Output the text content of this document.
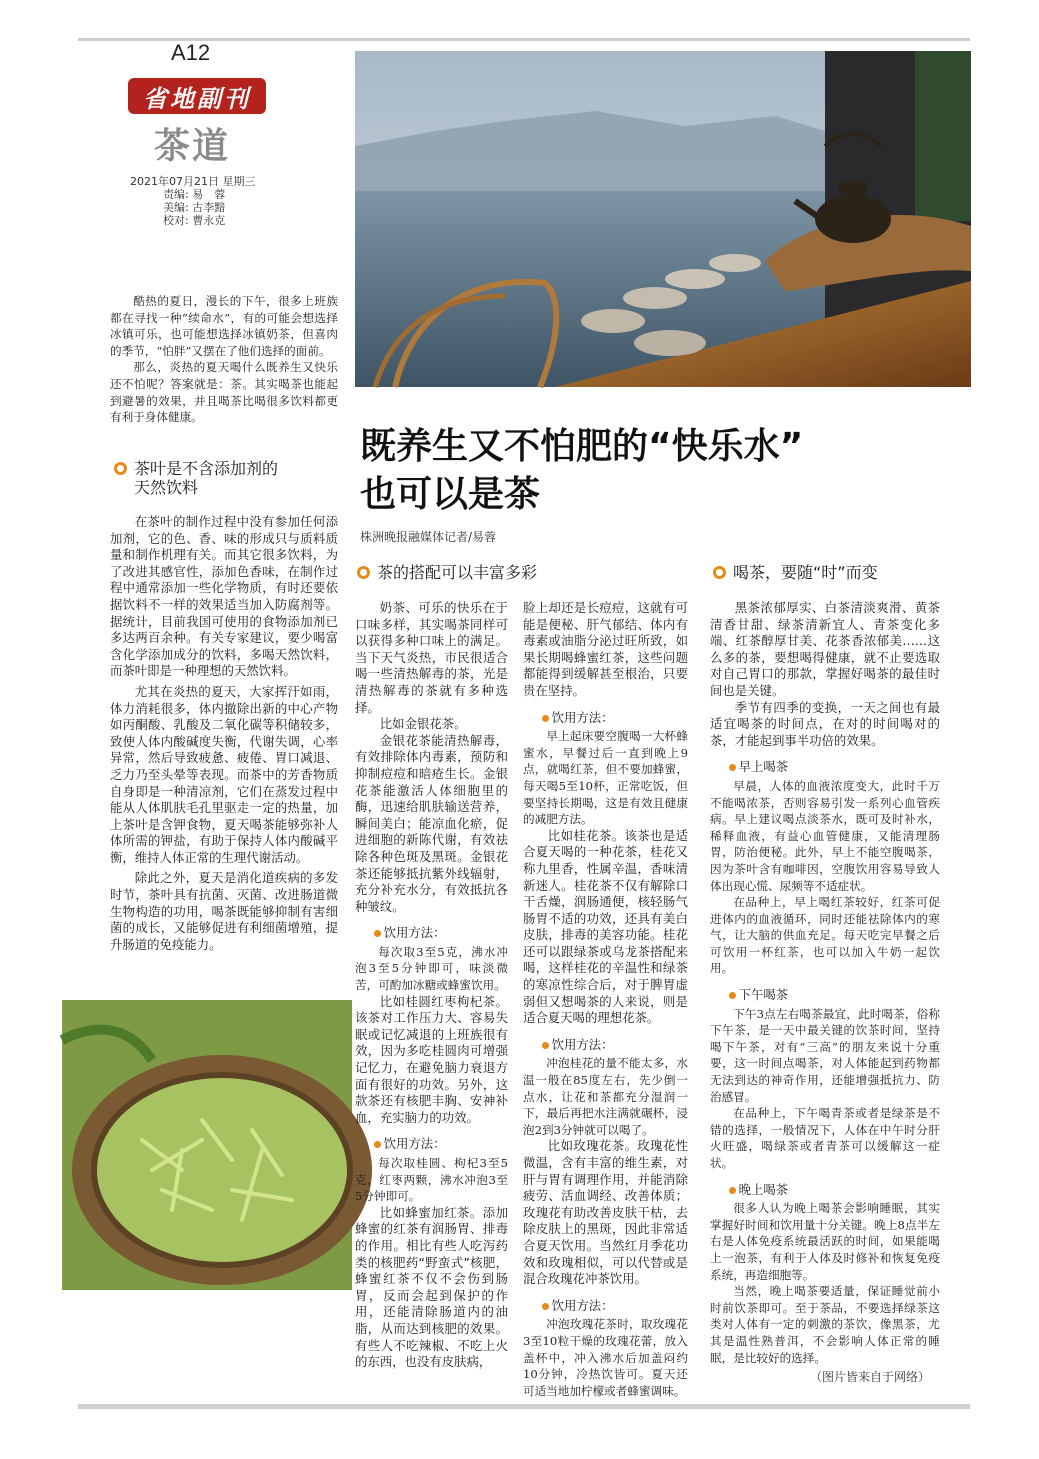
A12
省地副刊
茶道
2021年07月21日 星期三
责编: 易　蓉
美编: 古李黯
校对: 曹永克

酷热的夏日，漫长的下午，很多上班族都在寻找一种“续命水”，有的可能会想选择冰镇可乐，也可能想选择冰镇奶茶，但喜肉的季节，“怕胖”又摆在了他们选择的面前。

那么，炎热的夏天喝什么既养生又快乐还不怕呢？答案就是：茶。其实喝茶也能起到避暑的效果，并且喝茶比喝很多饮料都更有利于身体健康。

既养生又不怕肥的“快乐水”
也可以是茶
株洲晚报融媒体记者/易蓉
茶叶是不含添加剂的
天然饮料

在茶叶的制作过程中没有参加任何添加剂，它的色、香、味的形成只与质料质量和制作机理有关。而其它很多饮料，为了改进其感官性，添加色香味，在制作过程中通常添加一些化学物质，有时还要依据饮料不一样的效果适当加入防腐剂等。据统计，目前我国可使用的食物添加剂已多达两百余种。有关专家建议，要少喝富含化学添加成分的饮料，多喝天然饮料，而茶叶即是一种理想的天然饮料。

尤其在炎热的夏天，大家挥汗如雨，体力消耗很多，体内撤除出新的中心产物如丙酮酸、乳酸及二氧化碳等积储较多，致使人体内酸碱度失衡，代谢失调，心率异常，然后导致疲惫、疲倦、胃口减退、乏力乃至头晕等表现。而茶中的芳香物质自身即是一种清凉剂，它们在蒸发过程中能从人体肌肤毛孔里驱走一定的热量，加上茶叶是含钾食物，夏天喝茶能够弥补人体所需的钾盐，有助于保持人体内酸碱平衡，维持人体正常的生理代谢活动。

除此之外，夏天是消化道疾病的多发时节，茶叶具有抗菌、灭菌、改进肠道微生物构造的功用，喝茶既能够抑制有害细菌的成长，又能够促进有利细菌增殖，提升肠道的免疫能力。

茶的搭配可以丰富多彩

奶茶、可乐的快乐在于口味多样，其实喝茶同样可以获得多种口味上的满足。当下天气炎热，市民很适合喝一些清热解毒的茶，光是清热解毒的茶就有多种选择。

比如金银花茶。

金银花茶能清热解毒，有效排除体内毒素，预防和抑制痘痘和暗疮生长。金银花茶能激活人体细胞里的酶，迅速给肌肤输送营养，瞬间美白；能凉血化瘀，促进细胞的新陈代谢，有效祛除各种色斑及黑斑。金银花茶还能够抵抗紫外线辐射，充分补充水分，有效抵抗各种皱纹。

饮用方法：

每次取3至5克，沸水冲泡3至5分钟即可，味淡微苦，可酌加冰糖或蜂蜜饮用。

比如桂圆红枣枸杞茶。该茶对工作压力大、容易失眠或记忆减退的上班族很有效，因为多吃桂圆肉可增强记忆力，在避免脑力衰退方面有很好的功效。另外，这款茶还有核肥丰胸、安神补血，充实脑力的功效。

饮用方法：

每次取桂圆、枸杞3至5克，红枣两颗，沸水冲泡3至5分钟即可。

比如蜂蜜加红茶。添加蜂蜜的红茶有润肠胃、排毒的作用。相比有些人吃泻药类的核肥药“野蛮式”核肥，蜂蜜红茶不仅不会伤到肠胃，反而会起到保护的作用，还能清除肠道内的油脂，从而达到核肥的效果。有些人不吃辣椒、不吃上火的东西，也没有皮肤病，

脸上却还是长痘痘，这就有可能是便秘、肝气郁结、体内有毒素或油脂分泌过旺所致，如果长期喝蜂蜜红茶，这些问题都能得到缓解甚至根治，只要贵在坚持。

饮用方法：

早上起床要空腹喝一大杯蜂蜜水，早餐过后一直到晚上9点，就喝红茶，但不要加蜂蜜，每天喝5至10杯，正常吃饭，但要坚持长期喝，这是有效且健康的减肥方法。

比如桂花茶。该茶也是适合夏天喝的一种花茶，桂花又称九里香，性属辛温，香味清新迷人。桂花茶不仅有解除口干舌燥，润肠通便，核轻肠气肠胃不适的功效，还具有美白皮肤，排毒的美容功能。桂花还可以跟绿茶或乌龙茶搭配来喝，这样桂花的辛温性和绿茶的寒凉性综合后，对于脾胃虚弱但又想喝茶的人来说，则是适合夏天喝的理想花茶。

饮用方法：

冲泡桂花的量不能太多，水温一般在85度左右，先少倒一点水，让花和茶都充分湿润一下，最后再把水注满就碾杯，浸泡2到3分钟就可以喝了。

比如玫瑰花茶。玫瑰花性微温，含有丰富的维生素，对肝与胃有调理作用，并能消除疲劳、活血调经、改善体质；玫瑰花有助改善皮肤干枯，去除皮肤上的黑斑，因此非常适合夏天饮用。当然红月季花功效和玫瑰相似，可以代替或是混合玫瑰花冲茶饮用。

饮用方法：

冲泡玫瑰花茶时，取玫瑰花3至10粒干燥的玫瑰花蕾，放入盖杯中，冲入沸水后加盖闷约10分钟，冷热饮皆可。夏天还可适当地加柠檬或者蜂蜜调味。

喝茶，要随“时”而变

黑茶浓郁厚实、白茶清淡爽滑、黄茶清香甘甜、绿茶清新宜人、青茶变化多端、红茶醇厚甘美、花茶香浓郁美……这么多的茶，要想喝得健康，就不止要选取对自己胃口的那款，掌握好喝茶的最佳时间也是关键。

季节有四季的变换，一天之间也有最适宜喝茶的时间点，在对的时间喝对的茶，才能起到事半功倍的效果。

早上喝茶

早晨，人体的血液浓度变大，此时千万不能喝浓茶，否则容易引发一系列心血管疾病。早上建议喝点淡茶水，既可及时补水，稀释血液，有益心血管健康，又能清理肠胃，防治便秘。此外，早上不能空腹喝茶，因为茶叶含有咖啡因，空腹饮用容易导致人体出现心慌、尿频等不适症状。

在品种上，早上喝红茶较好，红茶可促进体内的血液循环，同时还能祛除体内的寒气，让大脑的供血充足。每天吃完早餐之后可饮用一杯红茶，也可以加入牛奶一起饮用。

下午喝茶

下午3点左右喝茶最宜，此时喝茶，俗称下午茶，是一天中最关键的饮茶时间，坚持喝下午茶，对有“三高”的朋友来说十分重要，这一时间点喝茶，对人体能起到药物都无法到达的神奇作用，还能增强抵抗力、防治感冒。

在品种上，下午喝青茶或者是绿茶是不错的选择，一般情况下，人体在中午时分肝火旺盛，喝绿茶或者青茶可以缓解这一症状。

晚上喝茶

很多人认为晚上喝茶会影响睡眠，其实掌握好时间和饮用量十分关键。晚上8点半左右是人体免疫系统最活跃的时间，如果能喝上一泡茶，有利于人体及时修补和恢复免疫系统，再造细胞等。

当然，晚上喝茶要适量，保证睡觉前小时前饮茶即可。至于茶品，不要选择绿茶这类对人体有一定的刺激的茶饮，像黑茶，尤其是温性熟普洱，不会影响人体正常的睡眠，是比较好的选择。

（图片皆来自于网络）
